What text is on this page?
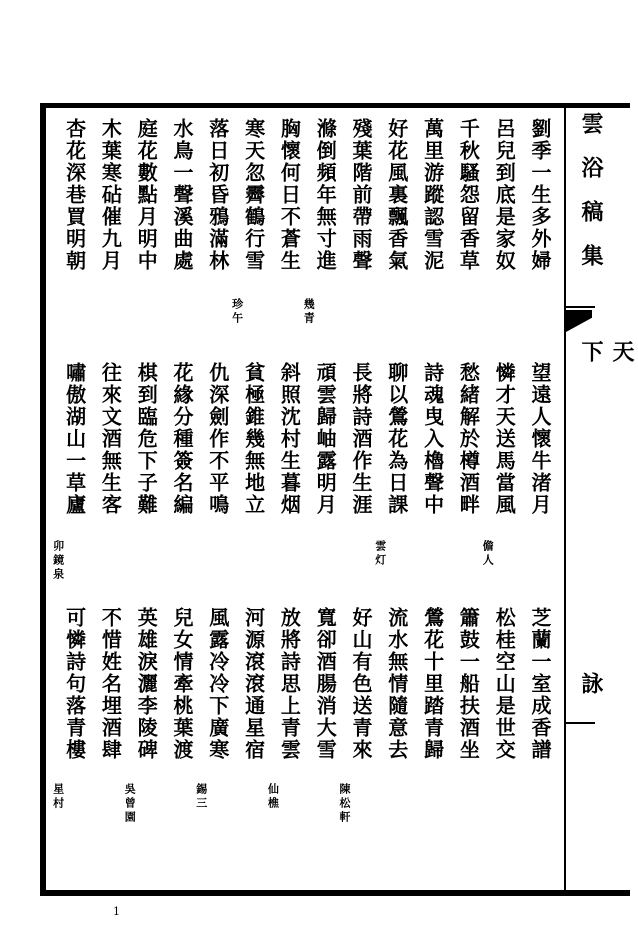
雲浴稿集
天下
詠
劉季一生多外婦
呂兒到底是家奴
千秋騷怨留香草
萬里游蹤認雪泥
好花風裏飄香氣
殘葉階前帶雨聲
滌倒頻年無寸進
胸懷何日不蒼生
寒天忽霽鶴行雪
落日初昏鴉滿林
水鳥一聲溪曲處
庭花數點月明中
木葉寒砧催九月
杏花深巷買明朝
幾青
珍午
望遠人懷牛渚月
憐才天送馬當風
愁緒解於樽酒畔
詩魂曳入櫓聲中
聊以鶯花為日課
長將詩酒作生涯
頑雲歸岫露明月
斜照沈村生暮烟
貧極錐幾無地立
仇深劍作不平鳴
花緣分種簽名編
棋到臨危下子難
往來文酒無生客
嘯傲湖山一草廬
儋人
雲灯
卯鏡泉
芝蘭一室成香譜
松桂空山是世交
簫鼓一船扶酒坐
鶯花十里踏青歸
流水無情隨意去
好山有色送青來
寬卻酒腸消大雪
放將詩思上青雲
河源滾滾通星宿
風露冷冷下廣寒
兒女情牽桃葉渡
英雄淚灑李陵碑
不惜姓名埋酒肆
可憐詩句落青樓
陳松軒
仙樵
錫三
吳曾園
星村
1
